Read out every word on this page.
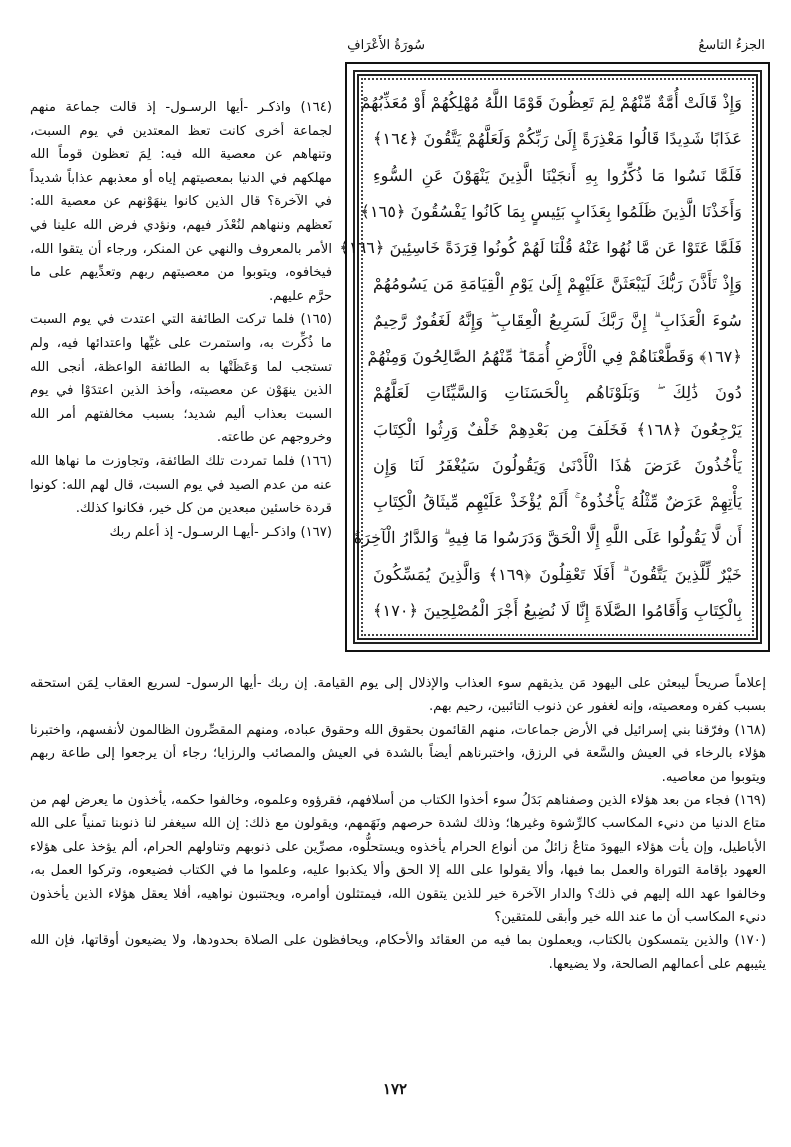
الجزءُ التاسعُ
سُورَةُ الأَعْرَافِ
وَإِذْ قَالَتْ أُمَّةٌ مِّنْهُمْ لِمَ تَعِظُونَ قَوْمًا اللَّهُ مُهْلِكُهُمْ أَوْ مُعَذِّبُهُمْ
عَذَابًا شَدِيدًا قَالُوا مَعْذِرَةً إِلَىٰ رَبِّكُمْ وَلَعَلَّهُمْ يَتَّقُونَ ﴿١٦٤﴾
فَلَمَّا نَسُوا مَا ذُكِّرُوا بِهِ أَنجَيْنَا الَّذِينَ يَنْهَوْنَ عَنِ السُّوءِ
وَأَخَذْنَا الَّذِينَ ظَلَمُوا بِعَذَابٍ بَئِيسٍ بِمَا كَانُوا يَفْسُقُونَ ﴿١٦٥﴾
فَلَمَّا عَتَوْا عَن مَّا نُهُوا عَنْهُ قُلْنَا لَهُمْ كُونُوا قِرَدَةً خَاسِئِينَ ﴿١٦٦﴾
وَإِذْ تَأَذَّنَ رَبُّكَ لَيَبْعَثَنَّ عَلَيْهِمْ إِلَىٰ يَوْمِ الْقِيَامَةِ مَن يَسُومُهُمْ
سُوءَ الْعَذَابِ ۗ إِنَّ رَبَّكَ لَسَرِيعُ الْعِقَابِ ۖ وَإِنَّهُ لَغَفُورٌ رَّحِيمٌ
﴿١٦٧﴾ وَقَطَّعْنَاهُمْ فِي الْأَرْضِ أُمَمًا ۖ مِّنْهُمُ الصَّالِحُونَ وَمِنْهُمْ
دُونَ ذَٰلِكَ ۖ وَبَلَوْنَاهُم بِالْحَسَنَاتِ وَالسَّيِّئَاتِ لَعَلَّهُمْ
يَرْجِعُونَ ﴿١٦٨﴾ فَخَلَفَ مِن بَعْدِهِمْ خَلْفٌ وَرِثُوا الْكِتَابَ
يَأْخُذُونَ عَرَضَ هَٰذَا الْأَدْنَىٰ وَيَقُولُونَ سَيُغْفَرُ لَنَا وَإِن
يَأْتِهِمْ عَرَضٌ مِّثْلُهُ يَأْخُذُوهُ ۚ أَلَمْ يُؤْخَذْ عَلَيْهِم مِّيثَاقُ الْكِتَابِ
أَن لَّا يَقُولُوا عَلَى اللَّهِ إِلَّا الْحَقَّ وَدَرَسُوا مَا فِيهِ ۗ وَالدَّارُ الْآخِرَةُ
خَيْرٌ لِّلَّذِينَ يَتَّقُونَ ۗ أَفَلَا تَعْقِلُونَ ﴿١٦٩﴾ وَالَّذِينَ يُمَسِّكُونَ
بِالْكِتَابِ وَأَقَامُوا الصَّلَاةَ إِنَّا لَا نُضِيعُ أَجْرَ الْمُصْلِحِينَ ﴿١٧٠﴾

(١٦٤) واذكـر -أيها الرسـول- إذ قالت جماعة منهم لجماعة أخرى كانت تعظ المعتدين في يوم السبت، وتنهاهم عن معصية الله فيه: لِمَ تعظون قوماً الله مهلكهم في الدنيا بمعصيتهم إياه أو معذبهم عذاباً شديداً في الآخرة؟ قال الذين كانوا ينهَوْنهم عن معصية الله: نَعظهم وننهاهم لنُعْذَر فيهم، ونؤدي فرض الله علينا في الأمر بالمعروف والنهي عن المنكر، ورجاء أن يتقوا الله، فيخافوه، ويتوبوا من معصيتهم ربهم وتعدِّيهم على ما حرَّم عليهم.

(١٦٥) فلما تركت الطائفة التي اعتدت في يوم السبت ما ذُكِّرت به، واستمرت على غيِّها واعتدائها فيه، ولم تستجب لما وَعَظَتْها به الطائفة الواعظة، أنجى الله الذين ينهَوْن عن معصيته، وأخذ الذين اعتدَوْا في يوم السبت بعذاب أليم شديد؛ بسبب مخالفتهم أمر الله وخروجهم عن طاعته.

(١٦٦) فلما تمردت تلك الطائفة، وتجاوزت ما نهاها الله عنه من عدم الصيد في يوم السبت، قال لهم الله: كونوا قردة خاسئين مبعدين من كل خير، فكانوا كذلك.

(١٦٧) واذكـر -أيهـا الرسـول- إذ أعلم ربك

إعلاماً صريحاً ليبعثن على اليهود مَن يذيقهم سوء العذاب والإذلال إلى يوم القيامة. إن ربك -أيها الرسول- لسريع العقاب لِمَن استحقه بسبب كفره ومعصيته، وإنه لغفور عن ذنوب التائبين، رحيم بهم.

(١٦٨) وفرّقنا بني إسرائيل في الأرض جماعات، منهم القائمون بحقوق الله وحقوق عباده، ومنهم المقصِّرون الظالمون لأنفسهم، واختبرنا هؤلاء بالرخاء في العيش والسَّعة في الرزق، واختبرناهم أيضاً بالشدة في العيش والمصائب والرزايا؛ رجاء أن يرجعوا إلى طاعة ربهم ويتوبوا من معاصيه.

(١٦٩) فجاء من بعد هؤلاء الذين وصفناهم بَدَلُ سوء أخذوا الكتاب من أسلافهم، فقرؤوه وعلموه، وخالفوا حكمه، يأخذون ما يعرض لهم من متاع الدنيا من دنيء المكاسب كالرِّشوة وغيرها؛ وذلك لشدة حرصهم ونَهَمهم، ويقولون مع ذلك: إن الله سيغفر لنا ذنوبنا تمنياً على الله الأباطيل، وإن يأت هؤلاء اليهودَ متاعٌ زائلٌ من أنواع الحرام يأخذوه ويستحلُّوه، مصرِّين على ذنوبهم وتناولهم الحرام، ألم يؤخذ على هؤلاء العهود بإقامة التوراة والعمل بما فيها، وألا يقولوا على الله إلا الحق وألا يكذبوا عليه، وعلموا ما في الكتاب فضيعوه، وتركوا العمل به، وخالفوا عهد الله إليهم في ذلك؟ والدار الآخرة خير للذين يتقون الله، فيمتثلون أوامره، ويجتنبون نواهيه، أفلا يعقل هؤلاء الذين يأخذون دنيء المكاسب أن ما عند الله خير وأبقى للمتقين؟

(١٧٠) والذين يتمسكون بالكتاب، ويعملون بما فيه من العقائد والأحكام، ويحافظون على الصلاة بحدودها، ولا يضيعون أوقاتها، فإن الله يثيبهم على أعمالهم الصالحة، ولا يضيعها.

١٧٢
